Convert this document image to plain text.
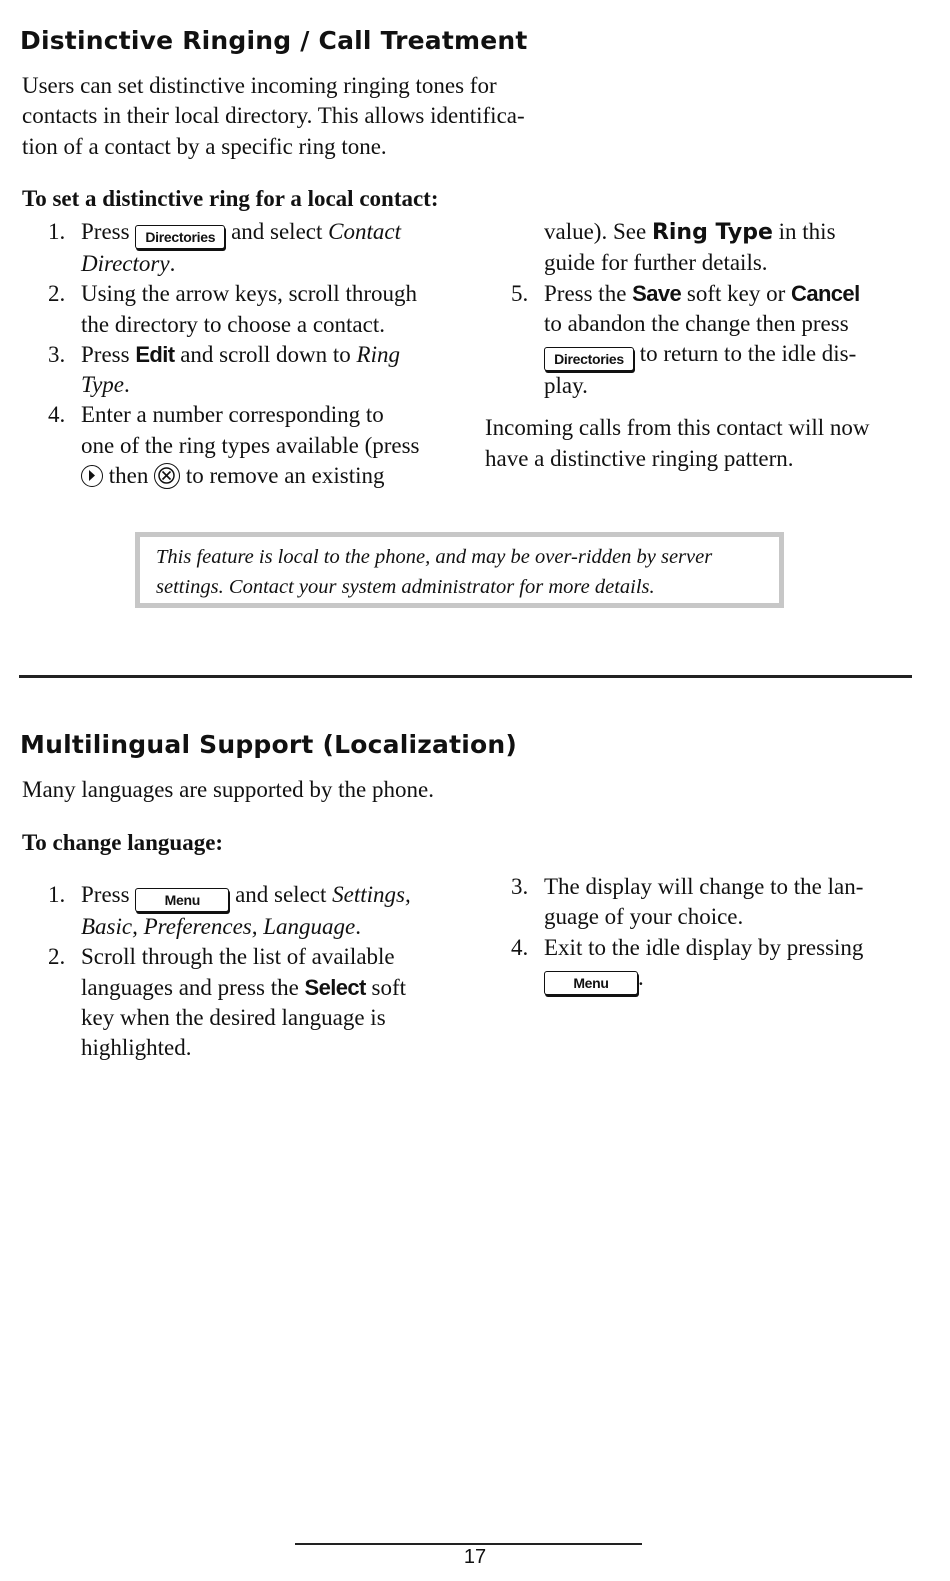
Distinctive Ringing / Call Treatment
Users can set distinctive incoming ringing tones for
contacts in their local directory. This allows identifica-
tion of a contact by a specific ring tone.
To set a distinctive ring for a local contact:
1. Press Directories and select Contact
Directory.
2. Using the arrow keys, scroll through
the directory to choose a contact.
3. Press Edit and scroll down to Ring
Type.
4. Enter a number corresponding to
one of the ring types available (press

then
to remove an existing
value). See Ring Type in this
guide for further details.
5. Press the Save soft key or Cancel
to abandon the change then press
Directories to return to the idle dis-
play.
Incoming calls from this contact will now
have a distinctive ringing pattern.
This feature is local to the phone, and may be over-ridden by server
settings. Contact your system administrator for more details.
Multilingual Support (Localization)
Many languages are supported by the phone.
To change language:
1. Press Menu and select Settings,
Basic, Preferences, Language.
2. Scroll through the list of available
languages and press the Select soft
key when the desired language is
highlighted.
3. The display will change to the lan-
guage of your choice.
4. Exit to the idle display by pressing
Menu .
17
